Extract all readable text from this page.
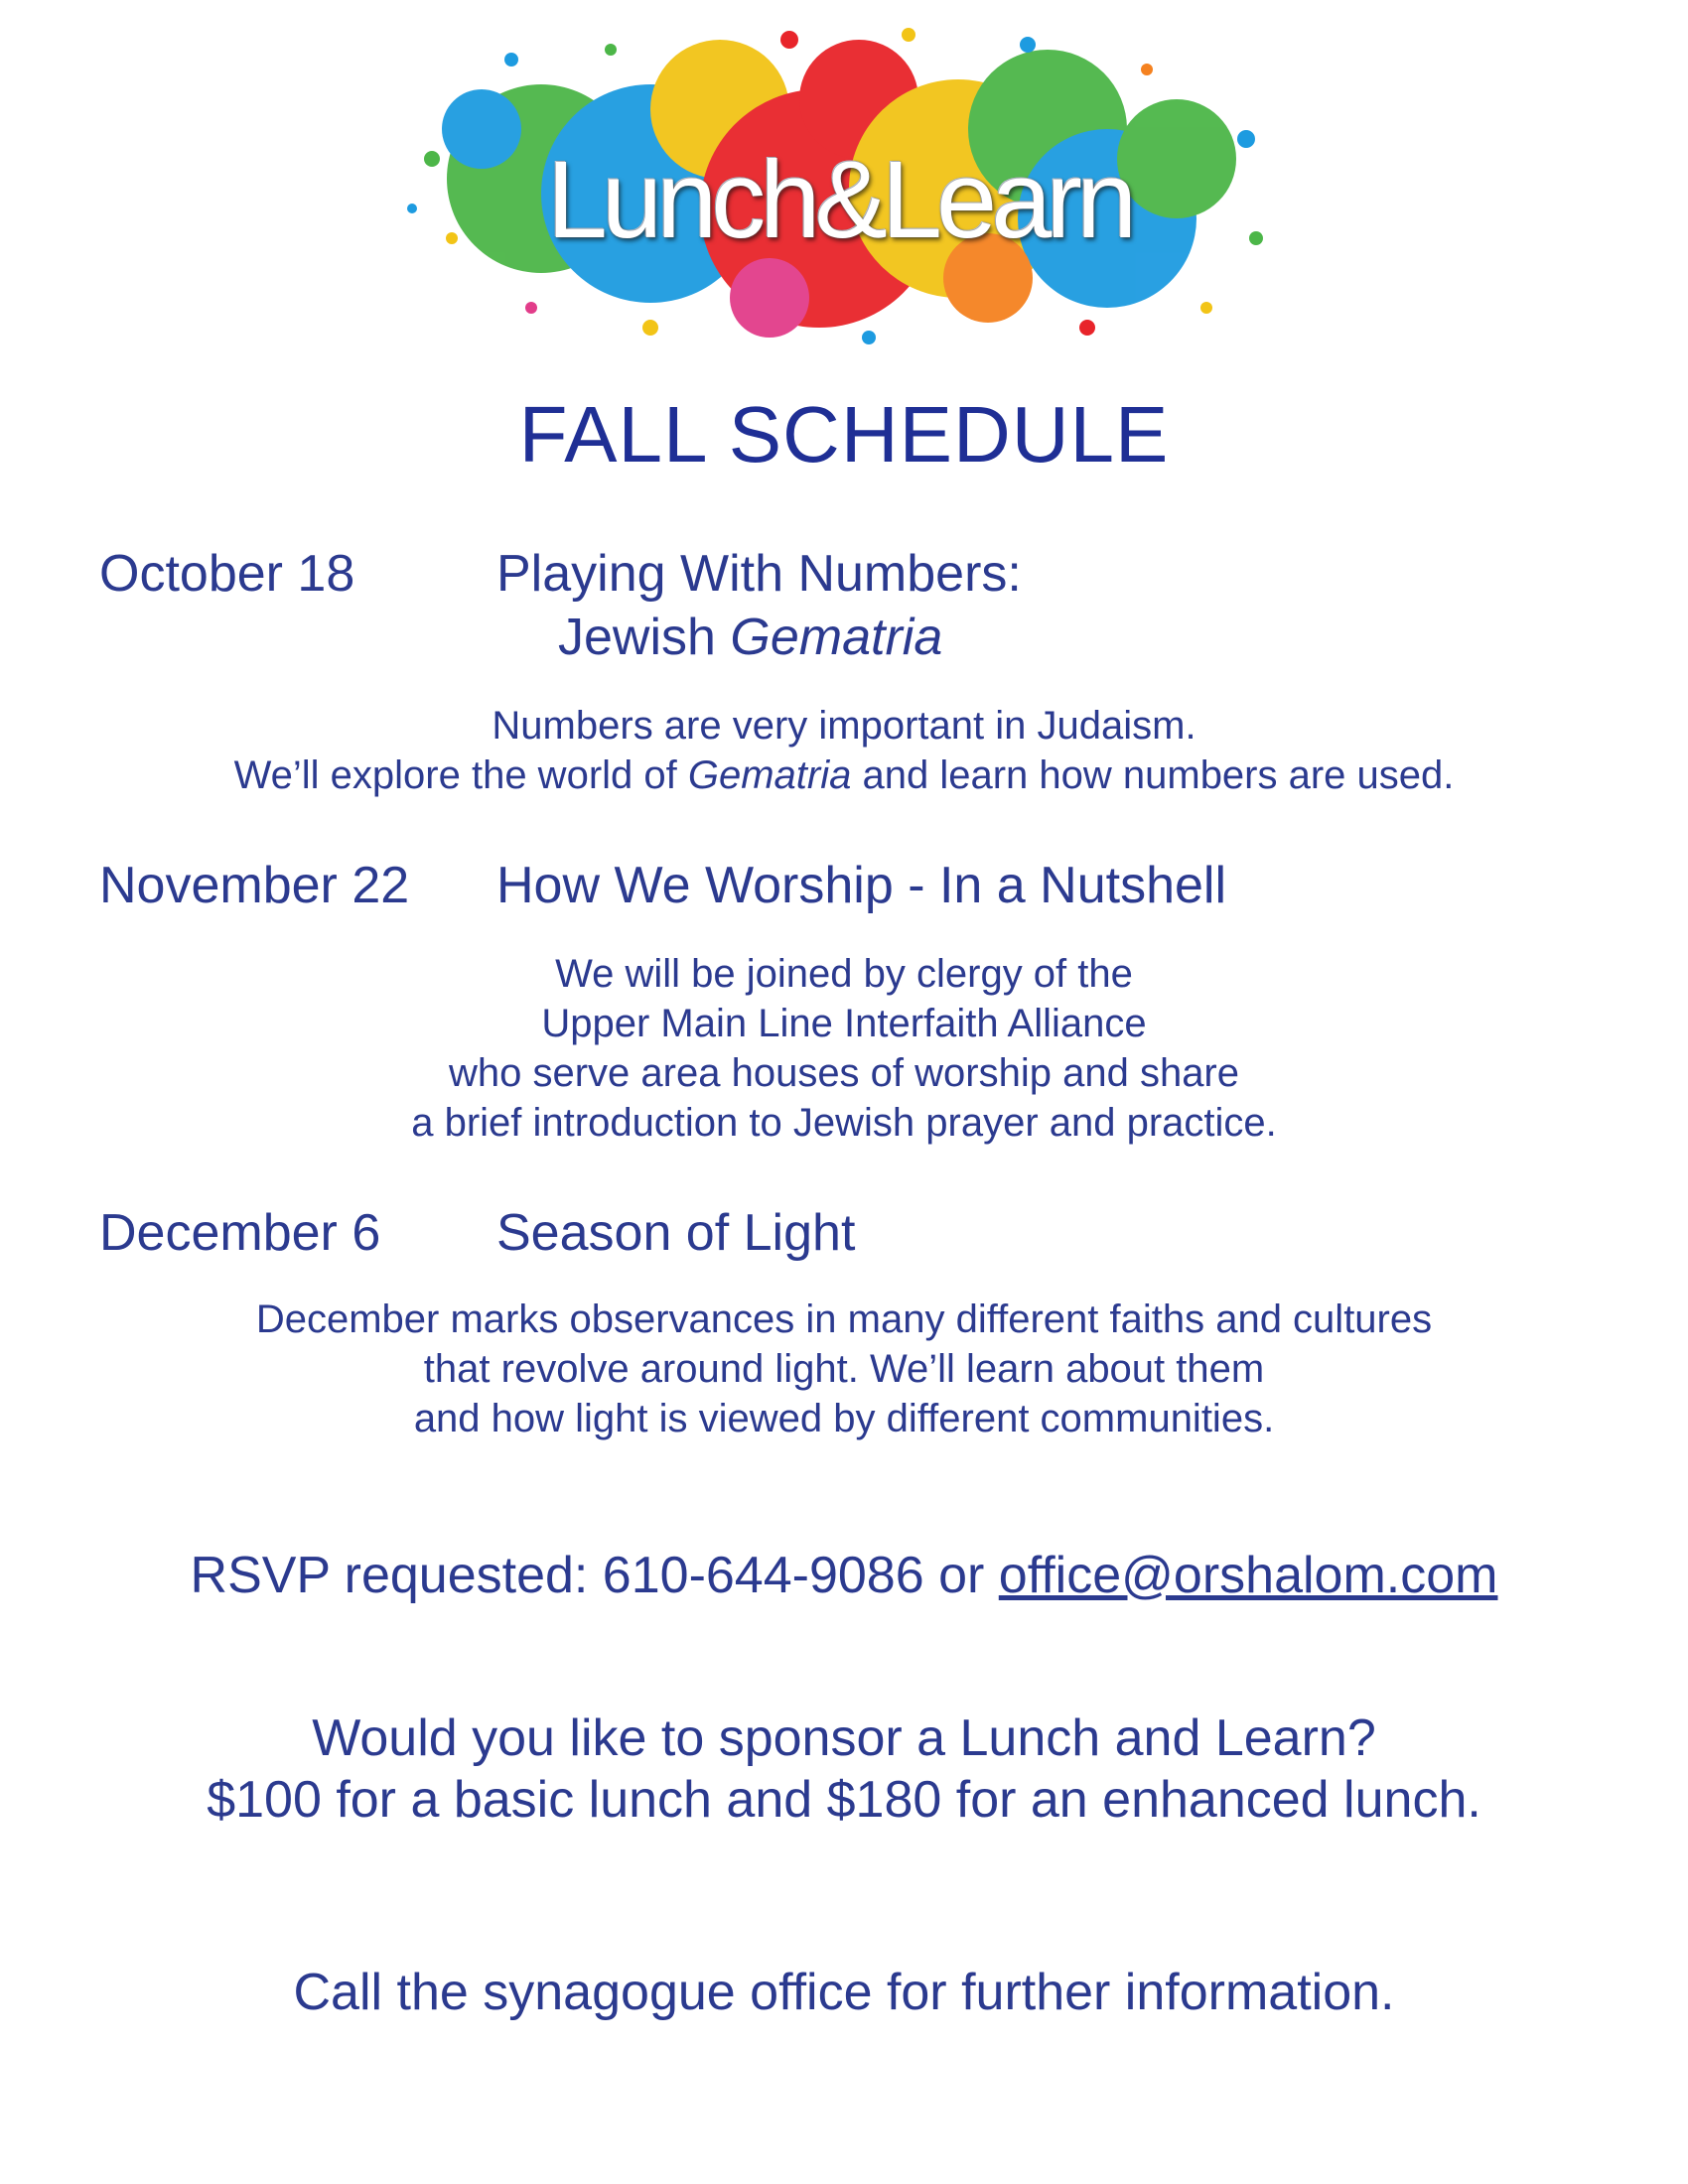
Lunch&Learn
FALL SCHEDULE
October 18	Playing With Numbers:
Jewish Gematria
Numbers are very important in Judaism.
We’ll explore the world of Gematria and learn how numbers are used.
November 22 How We Worship - In a Nutshell
We will be joined by clergy of the
Upper Main Line Interfaith Alliance
who serve area houses of worship and share
a brief introduction to Jewish prayer and practice.
December 6 Season of Light
December marks observances in many different faiths and cultures
that revolve around light. We’ll learn about them
and how light is viewed by different communities.
RSVP requested: 610-644-9086 or office@orshalom.com
Would you like to sponsor a Lunch and Learn?
$100 for a basic lunch and $180 for an enhanced lunch.
Call the synagogue office for further information.
